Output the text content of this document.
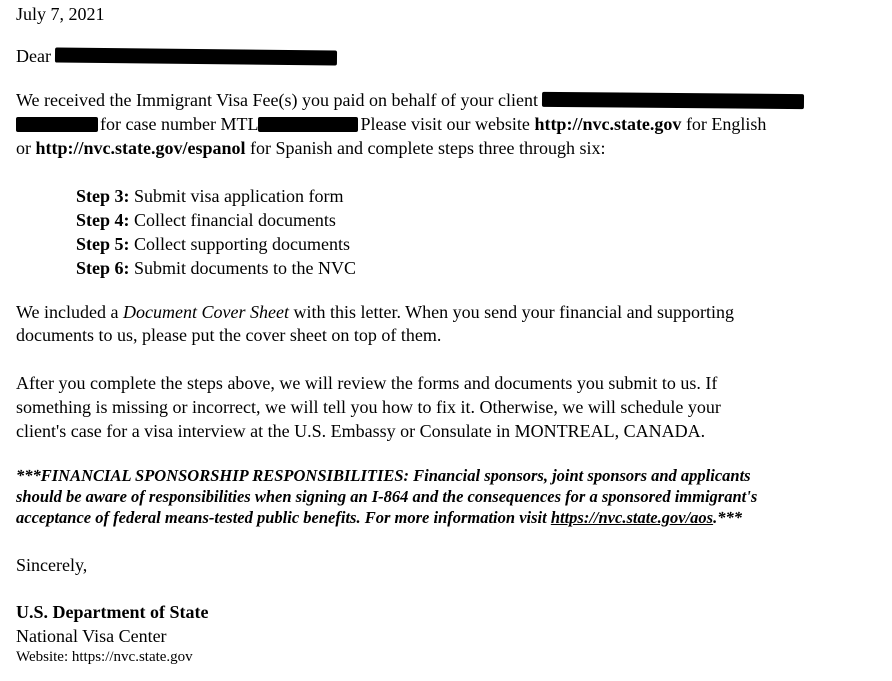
July 7, 2021
Dear
We received the Immigrant Visa Fee(s) you paid on behalf of your client
for case number MTL	Please visit our website http://nvc.state.gov for English
or http://nvc.state.gov/espanol for Spanish and complete steps three through six:
Step 3: Submit visa application form
Step 4: Collect financial documents
Step 5: Collect supporting documents
Step 6: Submit documents to the NVC
We included a Document Cover Sheet with this letter. When you send your financial and supporting
documents to us, please put the cover sheet on top of them.
After you complete the steps above, we will review the forms and documents you submit to us. If
something is missing or incorrect, we will tell you how to fix it. Otherwise, we will schedule your
client's case for a visa interview at the U.S. Embassy or Consulate in MONTREAL, CANADA.
***FINANCIAL SPONSORSHIP RESPONSIBILITIES: Financial sponsors, joint sponsors and applicants
should be aware of responsibilities when signing an I-864 and the consequences for a sponsored immigrant's
acceptance of federal means-tested public benefits. For more information visit https://nvc.state.gov/aos.***
Sincerely,
U.S. Department of State
National Visa Center
Website: https://nvc.state.gov
